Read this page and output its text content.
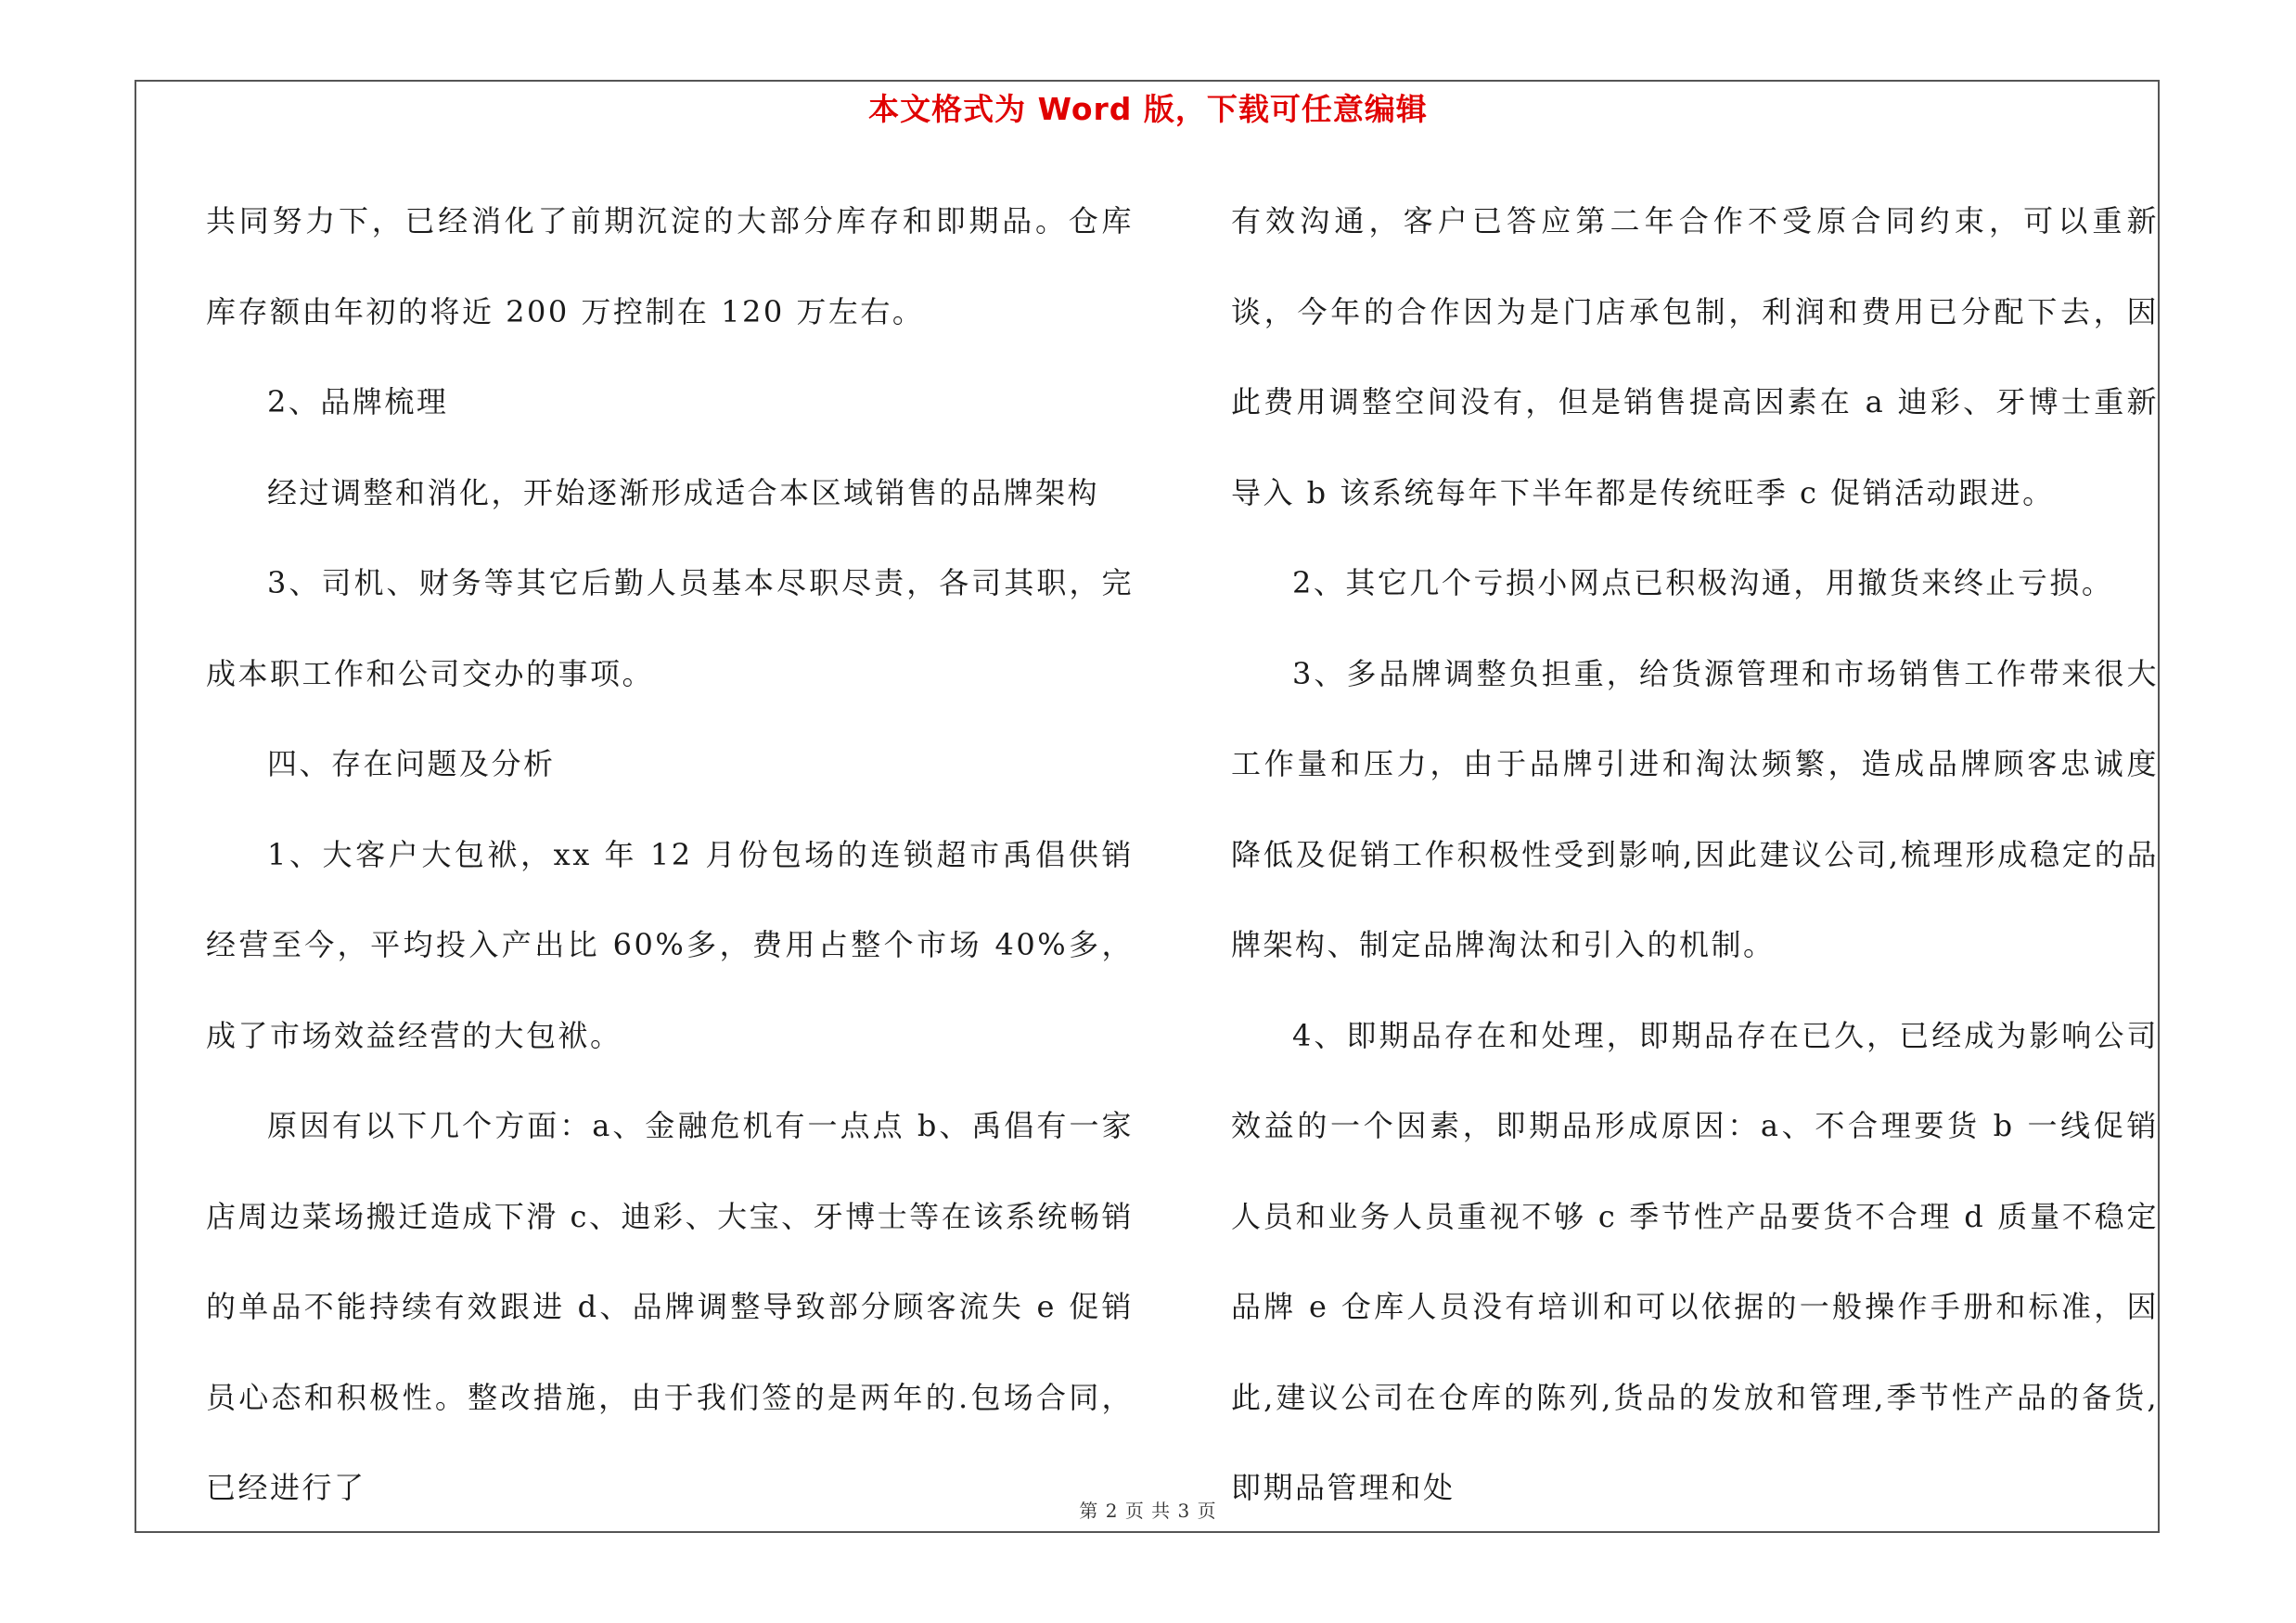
本文格式为 Word 版，下载可任意编辑

共同努力下，已经消化了前期沉淀的大部分库存和即期品。仓库库存额由年初的将近 200 万控制在 120 万左右。

2、品牌梳理

经过调整和消化，开始逐渐形成适合本区域销售的品牌架构

3、司机、财务等其它后勤人员基本尽职尽责，各司其职，完成本职工作和公司交办的事项。

四、存在问题及分析

1、大客户大包袱，xx 年 12 月份包场的连锁超市禹倡供销经营至今，平均投入产出比 60%多，费用占整个市场 40%多，成了市场效益经营的大包袱。

原因有以下几个方面：a、金融危机有一点点 b、禹倡有一家店周边菜场搬迁造成下滑 c、迪彩、大宝、牙博士等在该系统畅销的单品不能持续有效跟进 d、品牌调整导致部分顾客流失 e 促销员心态和积极性。整改措施，由于我们签的是两年的.包场合同，已经进行了

有效沟通，客户已答应第二年合作不受原合同约束，可以重新谈，今年的合作因为是门店承包制，利润和费用已分配下去，因此费用调整空间没有，但是销售提高因素在 a 迪彩、牙博士重新导入 b 该系统每年下半年都是传统旺季 c 促销活动跟进。

2、其它几个亏损小网点已积极沟通，用撤货来终止亏损。

3、多品牌调整负担重，给货源管理和市场销售工作带来很大工作量和压力，由于品牌引进和淘汰频繁，造成品牌顾客忠诚度降低及促销工作积极性受到影响,因此建议公司,梳理形成稳定的品牌架构、制定品牌淘汰和引入的机制。

4、即期品存在和处理，即期品存在已久，已经成为影响公司效益的一个因素，即期品形成原因：a、不合理要货 b 一线促销人员和业务人员重视不够 c 季节性产品要货不合理 d 质量不稳定品牌 e 仓库人员没有培训和可以依据的一般操作手册和标准，因此,建议公司在仓库的陈列,货品的发放和管理,季节性产品的备货,即期品管理和处

第 2 页 共 3 页
